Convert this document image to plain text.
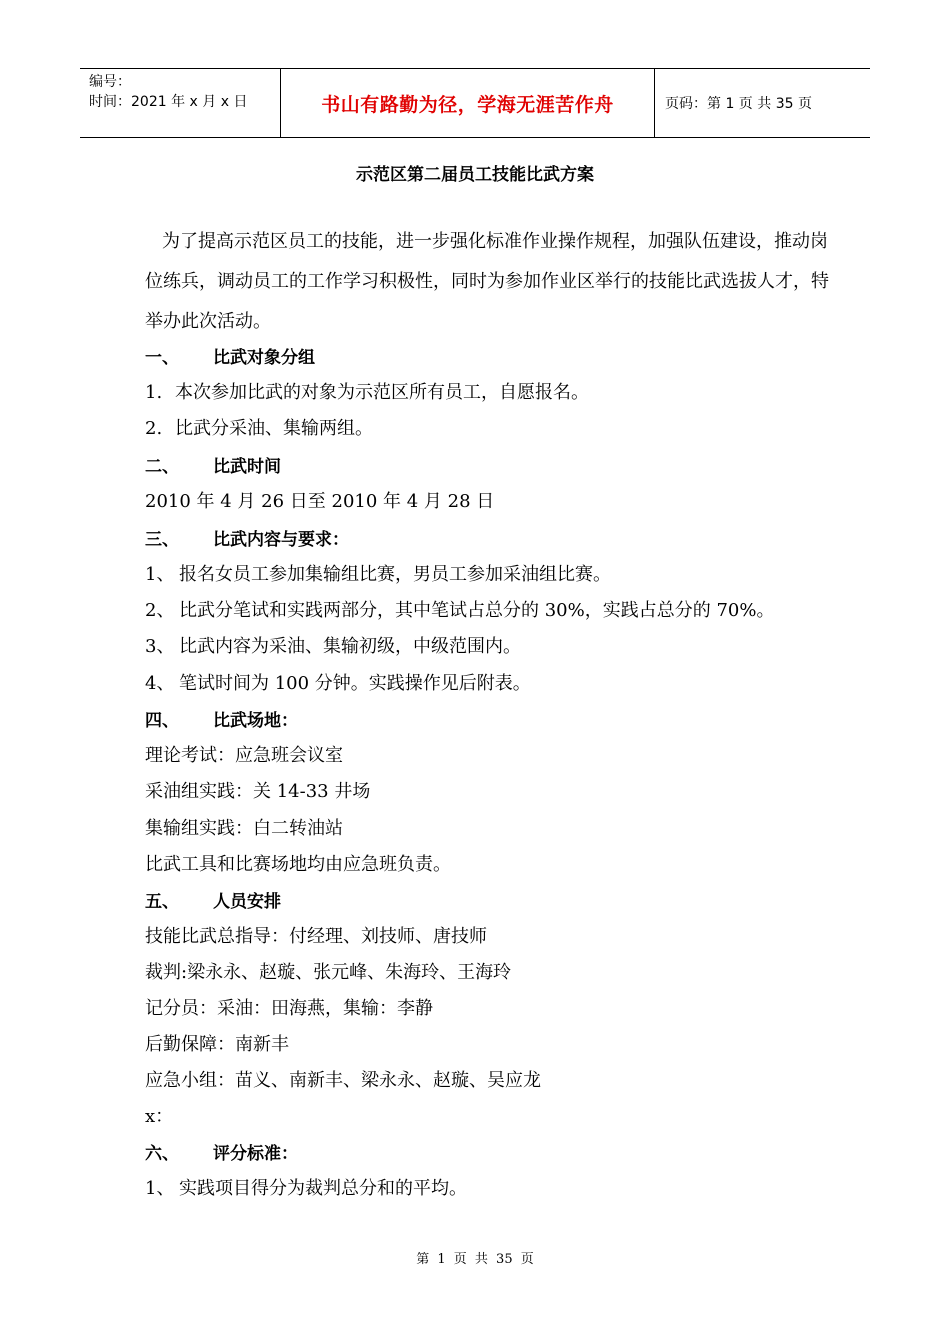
编号：
时间：2021 年 x 月 x 日	书山有路勤为径，学海无涯苦作舟	页码：第 1 页 共 35 页
示范区第二届员工技能比武方案
为了提高示范区员工的技能，进一步强化标准作业操作规程，加强队伍建设，推动岗位练兵，调动员工的工作学习积极性，同时为参加作业区举行的技能比武选拔人才，特举办此次活动。
一、 比武对象分组
1. 本次参加比武的对象为示范区所有员工，自愿报名。
2. 比武分采油、集输两组。
二、 比武时间
2010 年 4 月 26 日至 2010 年 4 月 28 日
三、 比武内容与要求：
1、 报名女员工参加集输组比赛，男员工参加采油组比赛。
2、 比武分笔试和实践两部分，其中笔试占总分的 30%，实践占总分的 70%。
3、 比武内容为采油、集输初级，中级范围内。
4、 笔试时间为 100 分钟。实践操作见后附表。
四、 比武场地：
理论考试：应急班会议室
采油组实践：关 14-33 井场
集输组实践：白二转油站
比武工具和比赛场地均由应急班负责。
五、 人员安排
技能比武总指导：付经理、刘技师、唐技师
裁判:梁永永、赵璇、张元峰、朱海玲、王海玲
记分员：采油：田海燕，集输：李静
后勤保障：南新丰
应急小组：苗义、南新丰、梁永永、赵璇、吴应龙
x：
六、 评分标准：
1、 实践项目得分为裁判总分和的平均。
第 1 页 共 35 页
